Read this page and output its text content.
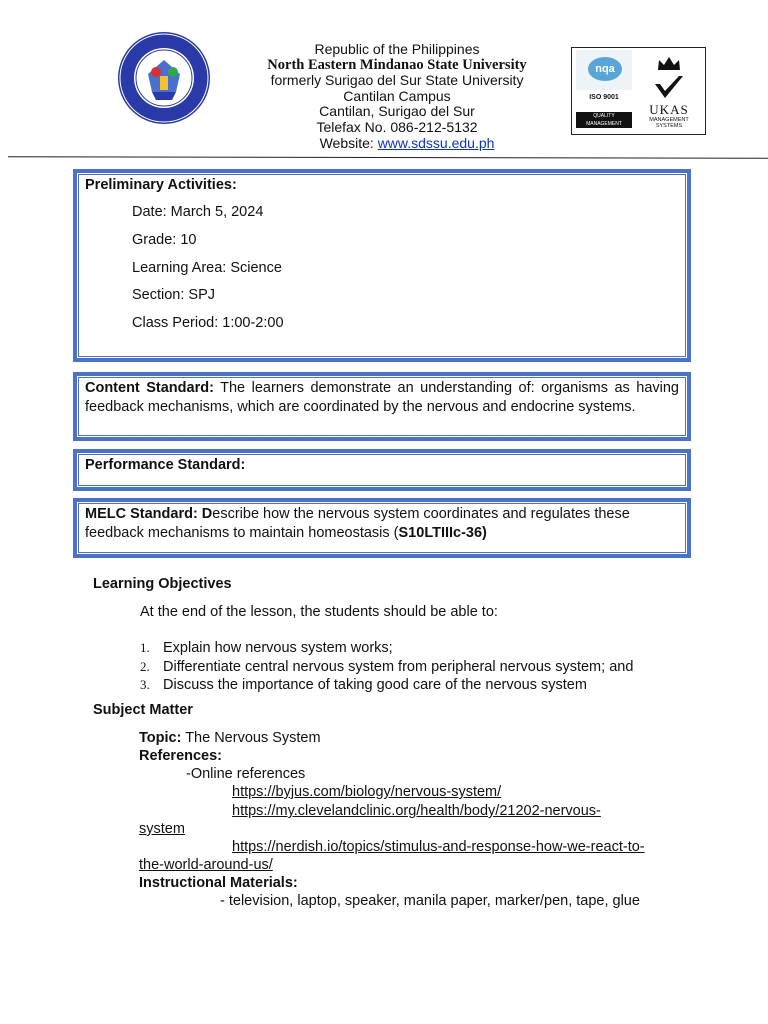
Republic of the Philippines
North Eastern Mindanao State University
formerly Surigao del Sur State University
Cantilan Campus
Cantilan, Surigao del Sur
Telefax No. 086-212-5132
Website: www.sdssu.edu.ph
nqa
ISO 9001
QUALITY MANAGEMENT
UKAS
MANAGEMENT SYSTEMS
Preliminary Activities:
Date: March 5, 2024
Grade: 10
Learning Area: Science
Section: SPJ
Class Period: 1:00-2:00
Content Standard: The learners demonstrate an understanding of: organisms as having feedback mechanisms, which are coordinated by the nervous and endocrine systems.
Performance Standard:
MELC Standard: Describe how the nervous system coordinates and regulates these feedback mechanisms to maintain homeostasis (S10LTIIIc-36)
Learning Objectives
At the end of the lesson, the students should be able to:
1. Explain how nervous system works;
2. Differentiate central nervous system from peripheral nervous system; and
3. Discuss the importance of taking good care of the nervous system
Subject Matter
Topic: The Nervous System
References:
-Online references
https://byjus.com/biology/nervous-system/
https://my.clevelandclinic.org/health/body/21202-nervous-
system
https://nerdish.io/topics/stimulus-and-response-how-we-react-to-
the-world-around-us/
Instructional Materials:
- television, laptop, speaker, manila paper, marker/pen, tape, glue
